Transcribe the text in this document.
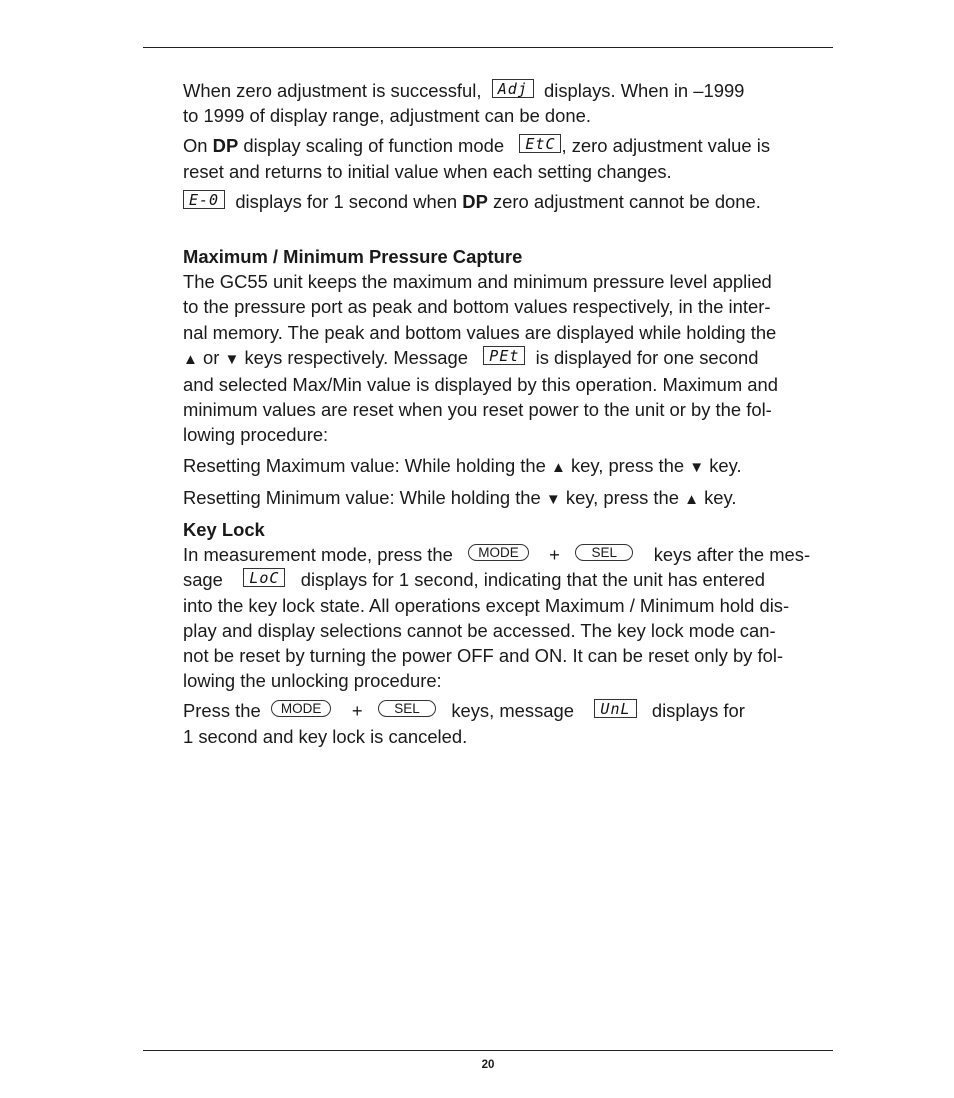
When zero adjustment is successful, Adj displays. When in –1999
to 1999 of display range, adjustment can be done.

On DP display scaling of function mode EtC , zero adjustment value is
reset and returns to initial value when each setting changes.

E-0 displays for 1 second when DP zero adjustment cannot be done.

Maximum / Minimum Pressure Capture

The GC55 unit keeps the maximum and minimum pressure level applied
to the pressure port as peak and bottom values respectively, in the inter-
nal memory. The peak and bottom values are displayed while holding the
▲ or ▼ keys respectively. Message PEt is displayed for one second
and selected Max/Min value is displayed by this operation. Maximum and
minimum values are reset when you reset power to the unit or by the fol-
lowing procedure:

Resetting Maximum value: While holding the ▲ key, press the ▼ key.

Resetting Minimum value: While holding the ▼ key, press the ▲ key.

Key Lock

In measurement mode, press the MODE + SEL keys after the mes-
sage LoC displays for 1 second, indicating that the unit has entered
into the key lock state. All operations except Maximum / Minimum hold dis-
play and display selections cannot be accessed. The key lock mode can-
not be reset by turning the power OFF and ON. It can be reset only by fol-
lowing the unlocking procedure:

Press the MODE + SEL keys, message UnL displays for
1 second and key lock is canceled.

20
